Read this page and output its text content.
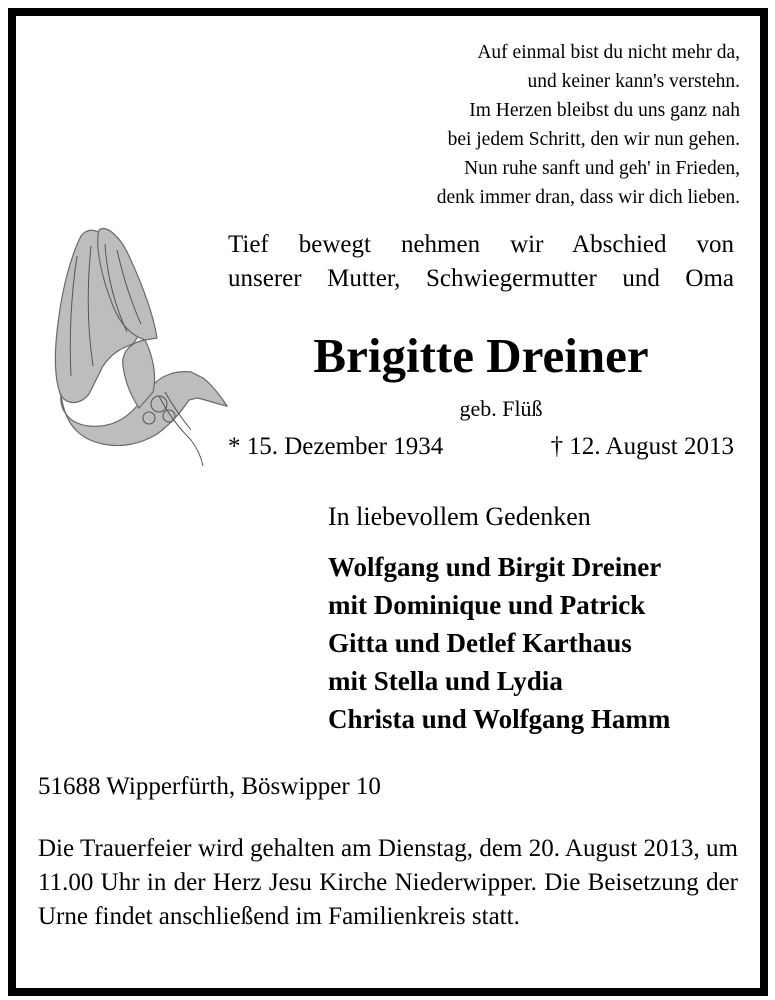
Auf einmal bist du nicht mehr da,
und keiner kann's verstehn.
Im Herzen bleibst du uns ganz nah
bei jedem Schritt, den wir nun gehen.
Nun ruhe sanft und geh' in Frieden,
denk immer dran, dass wir dich lieben.
Tief bewegt nehmen wir Abschied von
unserer Mutter, Schwiegermutter und Oma
Brigitte Dreiner
geb. Flüß
* 15. Dezember 1934	† 12. August 2013
In liebevollem Gedenken
Wolfgang und Birgit Dreiner
mit Dominique und Patrick
Gitta und Detlef Karthaus
mit Stella und Lydia
Christa und Wolfgang Hamm
51688 Wipperfürth, Böswipper 10
Die Trauerfeier wird gehalten am Dienstag, dem 20. August 2013, um 11.00 Uhr in der Herz Jesu Kirche Niederwipper. Die Beisetzung der Urne findet anschließend im Familienkreis statt.
